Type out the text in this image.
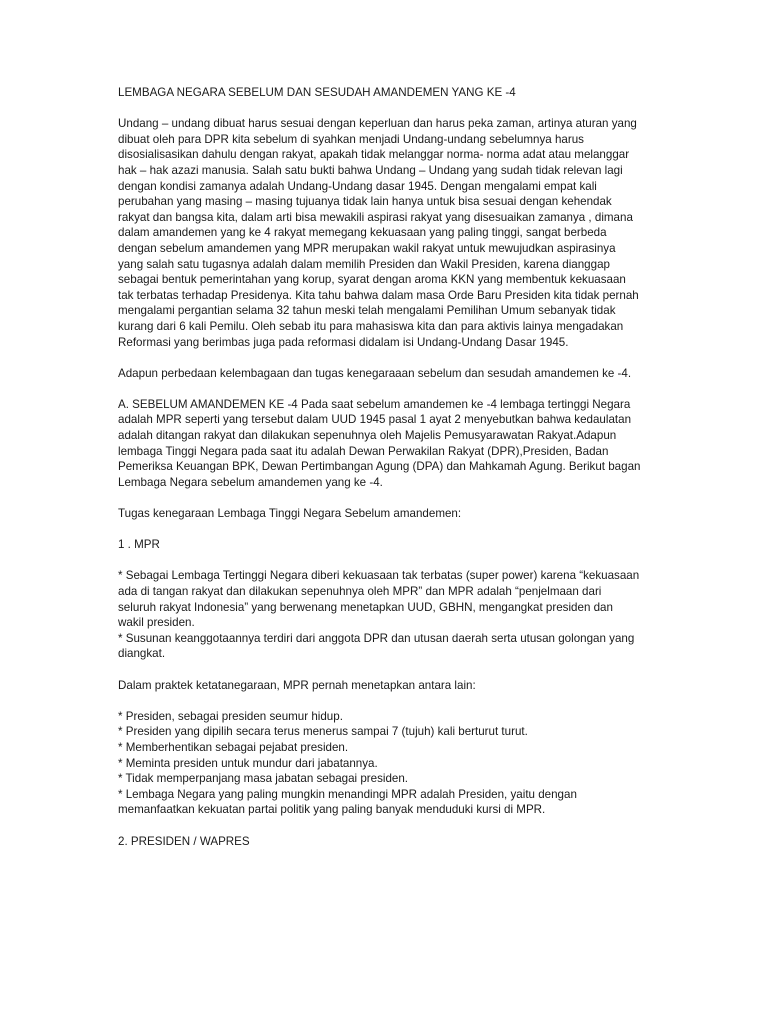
LEMBAGA NEGARA SEBELUM DAN SESUDAH AMANDEMEN YANG KE -4

Undang – undang dibuat harus sesuai dengan keperluan dan harus peka zaman, artinya aturan yang
dibuat oleh para DPR kita sebelum di syahkan menjadi Undang-undang sebelumnya harus
disosialisasikan dahulu dengan rakyat, apakah tidak melanggar norma- norma adat atau melanggar
hak – hak azazi manusia. Salah satu bukti bahwa Undang – Undang yang sudah tidak relevan lagi
dengan kondisi zamanya adalah Undang-Undang dasar 1945. Dengan mengalami empat kali
perubahan yang masing – masing tujuanya tidak lain hanya untuk bisa sesuai dengan kehendak
rakyat dan bangsa kita, dalam arti bisa mewakili aspirasi rakyat yang disesuaikan zamanya , dimana
dalam amandemen yang ke 4 rakyat memegang kekuasaan yang paling tinggi, sangat berbeda
dengan sebelum amandemen yang MPR merupakan wakil rakyat untuk mewujudkan aspirasinya
yang salah satu tugasnya adalah dalam memilih Presiden dan Wakil Presiden, karena dianggap
sebagai bentuk pemerintahan yang korup, syarat dengan aroma KKN yang membentuk kekuasaan
tak terbatas terhadap Presidenya. Kita tahu bahwa dalam masa Orde Baru Presiden kita tidak pernah
mengalami pergantian selama 32 tahun meski telah mengalami Pemilihan Umum sebanyak tidak
kurang dari 6 kali Pemilu. Oleh sebab itu para mahasiswa kita dan para aktivis lainya mengadakan
Reformasi yang berimbas juga pada reformasi didalam isi Undang-Undang Dasar 1945.

Adapun perbedaan kelembagaan dan tugas kenegaraaan sebelum dan sesudah amandemen ke -4.

A. SEBELUM AMANDEMEN KE -4 Pada saat sebelum amandemen ke -4 lembaga tertinggi Negara
adalah MPR seperti yang tersebut dalam UUD 1945 pasal 1 ayat 2 menyebutkan bahwa kedaulatan
adalah ditangan rakyat dan dilakukan sepenuhnya oleh Majelis Pemusyarawatan Rakyat.Adapun
lembaga Tinggi Negara pada saat itu adalah Dewan Perwakilan Rakyat (DPR),Presiden, Badan
Pemeriksa Keuangan BPK, Dewan Pertimbangan Agung (DPA) dan Mahkamah Agung. Berikut bagan
Lembaga Negara sebelum amandemen yang ke -4.

Tugas kenegaraan Lembaga Tinggi Negara Sebelum amandemen:

1 . MPR

* Sebagai Lembaga Tertinggi Negara diberi kekuasaan tak terbatas (super power) karena “kekuasaan
ada di tangan rakyat dan dilakukan sepenuhnya oleh MPR” dan MPR adalah “penjelmaan dari
seluruh rakyat Indonesia” yang berwenang menetapkan UUD, GBHN, mengangkat presiden dan
wakil presiden.
* Susunan keanggotaannya terdiri dari anggota DPR dan utusan daerah serta utusan golongan yang
diangkat.

Dalam praktek ketatanegaraan, MPR pernah menetapkan antara lain:

* Presiden, sebagai presiden seumur hidup.
* Presiden yang dipilih secara terus menerus sampai 7 (tujuh) kali berturut turut.
* Memberhentikan sebagai pejabat presiden.
* Meminta presiden untuk mundur dari jabatannya.
* Tidak memperpanjang masa jabatan sebagai presiden.
* Lembaga Negara yang paling mungkin menandingi MPR adalah Presiden, yaitu dengan
memanfaatkan kekuatan partai politik yang paling banyak menduduki kursi di MPR.

2. PRESIDEN / WAPRES
